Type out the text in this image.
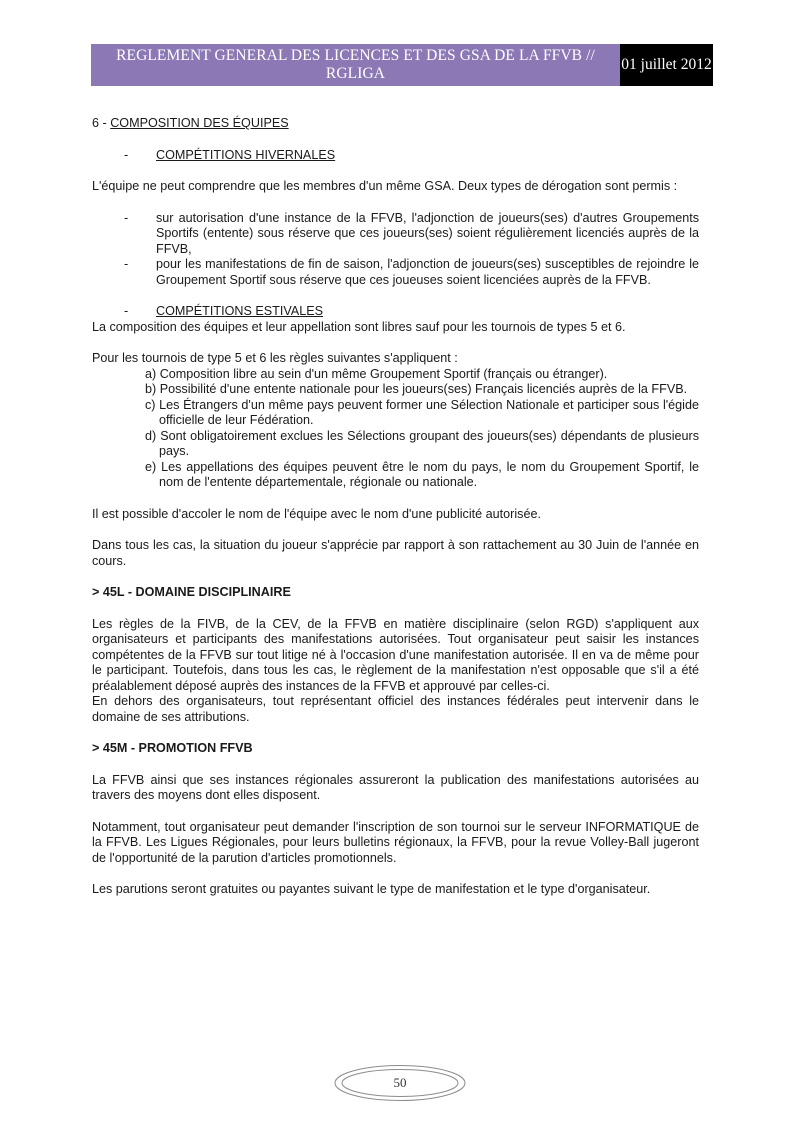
REGLEMENT GENERAL DES LICENCES ET DES GSA DE LA FFVB // RGLIGA
01 juillet 2012

6 - COMPOSITION DES ÉQUIPES

-	COMPÉTITIONS HIVERNALES

L'équipe ne peut comprendre que les membres d'un même GSA. Deux types de dérogation sont permis :

-	sur autorisation d'une instance de la FFVB, l'adjonction de joueurs(ses) d'autres Groupements Sportifs (entente) sous réserve que ces joueurs(ses) soient régulièrement licenciés auprès de la FFVB,
-	pour les manifestations de fin de saison, l'adjonction de joueurs(ses) susceptibles de rejoindre le Groupement Sportif sous réserve que ces joueuses soient licenciées auprès de la FFVB.
-	COMPÉTITIONS ESTIVALES

La composition des équipes et leur appellation sont libres sauf pour les tournois de types 5 et 6.

Pour les tournois de type 5 et 6 les règles suivantes s'appliquent :

a) Composition libre au sein d'un même Groupement Sportif (français ou étranger).
b) Possibilité d'une entente nationale pour les joueurs(ses) Français licenciés auprès de la FFVB.
c) Les Étrangers d'un même pays peuvent former une Sélection Nationale et participer sous l'égide officielle de leur Fédération.
d) Sont obligatoirement exclues les Sélections groupant des joueurs(ses) dépendants de plusieurs pays.
e) Les appellations des équipes peuvent être le nom du pays, le nom du Groupement Sportif, le nom de l'entente départementale, régionale ou nationale.

Il est possible d'accoler le nom de l'équipe avec le nom d'une publicité autorisée.

Dans tous les cas, la situation du joueur s'apprécie par rapport à son rattachement au 30 Juin de l'année en cours.

> 45L - DOMAINE DISCIPLINAIRE

Les règles de la FIVB, de la CEV, de la FFVB en matière disciplinaire (selon RGD) s'appliquent aux organisateurs et participants des manifestations autorisées. Tout organisateur peut saisir les instances compétentes de la FFVB sur tout litige né à l'occasion d'une manifestation autorisée. Il en va de même pour le participant. Toutefois, dans tous les cas, le règlement de la manifestation n'est opposable que s'il a été préalablement déposé auprès des instances de la FFVB et approuvé par celles-ci.

En dehors des organisateurs, tout représentant officiel des instances fédérales peut intervenir dans le domaine de ses attributions.

> 45M - PROMOTION FFVB

La FFVB ainsi que ses instances régionales assureront la publication des manifestations autorisées au travers des moyens dont elles disposent.

Notamment, tout organisateur peut demander l'inscription de son tournoi sur le serveur INFORMATIQUE de la FFVB. Les Ligues Régionales, pour leurs bulletins régionaux, la FFVB, pour la revue Volley-Ball jugeront de l'opportunité de la parution d'articles promotionnels.

Les parutions seront gratuites ou payantes suivant le type de manifestation et le type d'organisateur.

50
